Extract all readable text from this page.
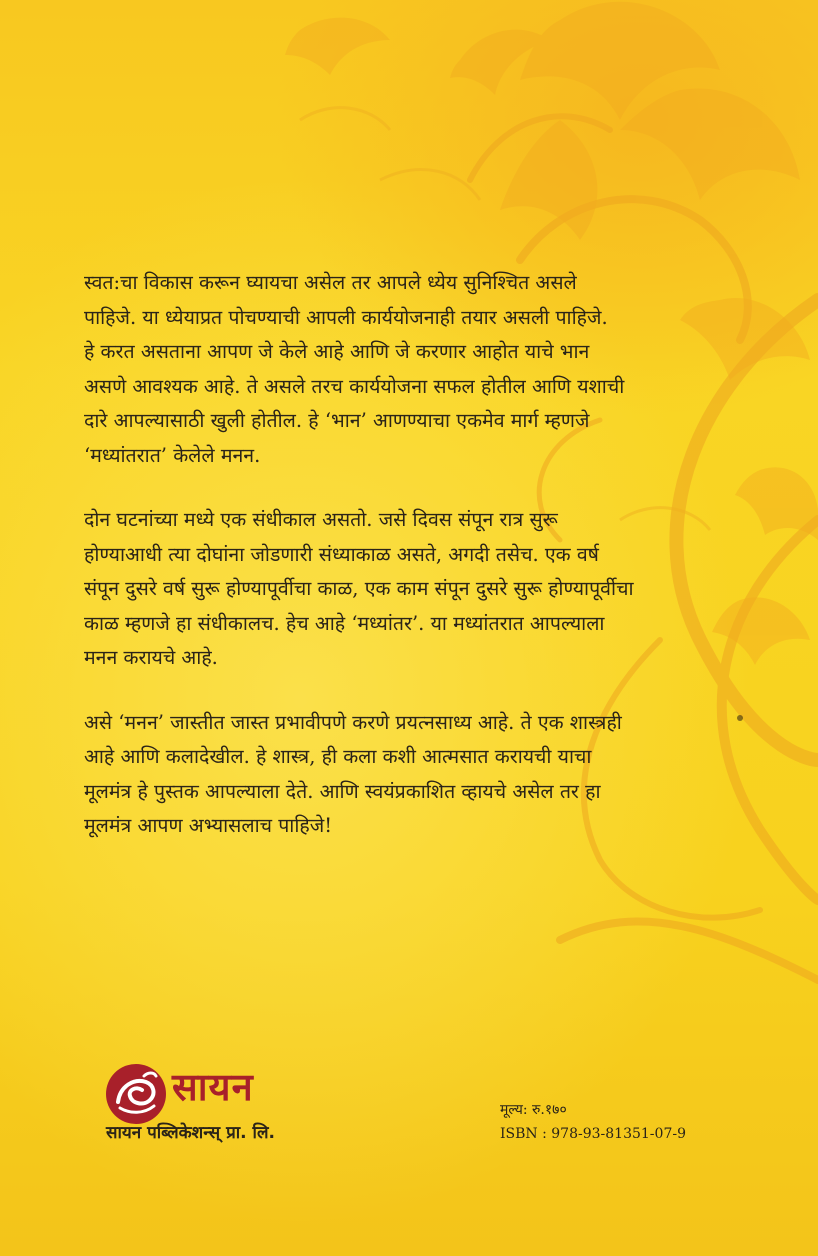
स्वत:चा विकास करून घ्यायचा असेल तर आपले ध्येय सुनिश्चित असले
पाहिजे. या ध्येयाप्रत पोचण्याची आपली कार्ययोजनाही तयार असली पाहिजे.
हे करत असताना आपण जे केले आहे आणि जे करणार आहोत याचे भान
असणे आवश्यक आहे. ते असले तरच कार्ययोजना सफल होतील आणि यशाची
दारे आपल्यासाठी खुली होतील. हे ‘भान’ आणण्याचा एकमेव मार्ग म्हणजे
‘मध्यांतरात’ केलेले मनन.

दोन घटनांच्या मध्ये एक संधीकाल असतो. जसे दिवस संपून रात्र सुरू
होण्याआधी त्या दोघांना जोडणारी संध्याकाळ असते, अगदी तसेच. एक वर्ष
संपून दुसरे वर्ष सुरू होण्यापूर्वीचा काळ, एक काम संपून दुसरे सुरू होण्यापूर्वीचा
काळ म्हणजे हा संधीकालच. हेच आहे ‘मध्यांतर’. या मध्यांतरात आपल्याला
मनन करायचे आहे.

असे ‘मनन’ जास्तीत जास्त प्रभावीपणे करणे प्रयत्नसाध्य आहे. ते एक शास्त्रही
आहे आणि कलादेखील. हे शास्त्र, ही कला कशी आत्मसात करायची याचा
मूलमंत्र हे पुस्तक आपल्याला देते. आणि स्वयंप्रकाशित व्हायचे असेल तर हा
मूलमंत्र आपण अभ्यासलाच पाहिजे!

सायन
सायन पब्लिकेशन्स् प्रा. लि.
मूल्य: रु.१७०
ISBN : 978-93-81351-07-9
